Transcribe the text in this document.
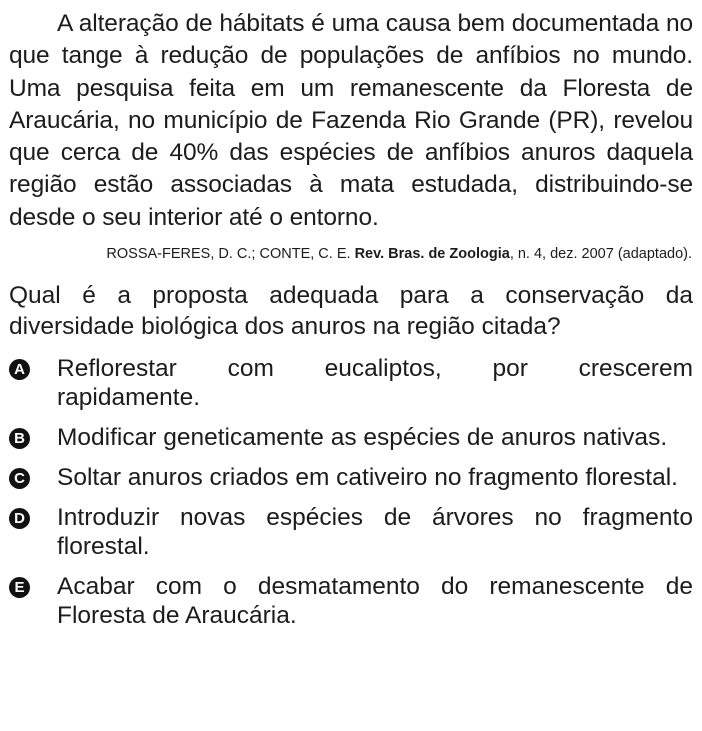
A alteração de hábitats é uma causa bem documentada no que tange à redução de populações de anfíbios no mundo. Uma pesquisa feita em um remanescente da Floresta de Araucária, no município de Fazenda Rio Grande (PR), revelou que cerca de 40% das espécies de anfíbios anuros daquela região estão associadas à mata estudada, distribuindo-se desde o seu interior até o entorno.

ROSSA-FERES, D. C.; CONTE, C. E. Rev. Bras. de Zoologia, n. 4, dez. 2007 (adaptado).
Qual é a proposta adequada para a conservação da diversidade biológica dos anuros na região citada?
A Reflorestar com eucaliptos, por crescerem rapidamente.
B Modificar geneticamente as espécies de anuros nativas.
C Soltar anuros criados em cativeiro no fragmento florestal.
D Introduzir novas espécies de árvores no fragmento florestal.
E Acabar com o desmatamento do remanescente de Floresta de Araucária.
